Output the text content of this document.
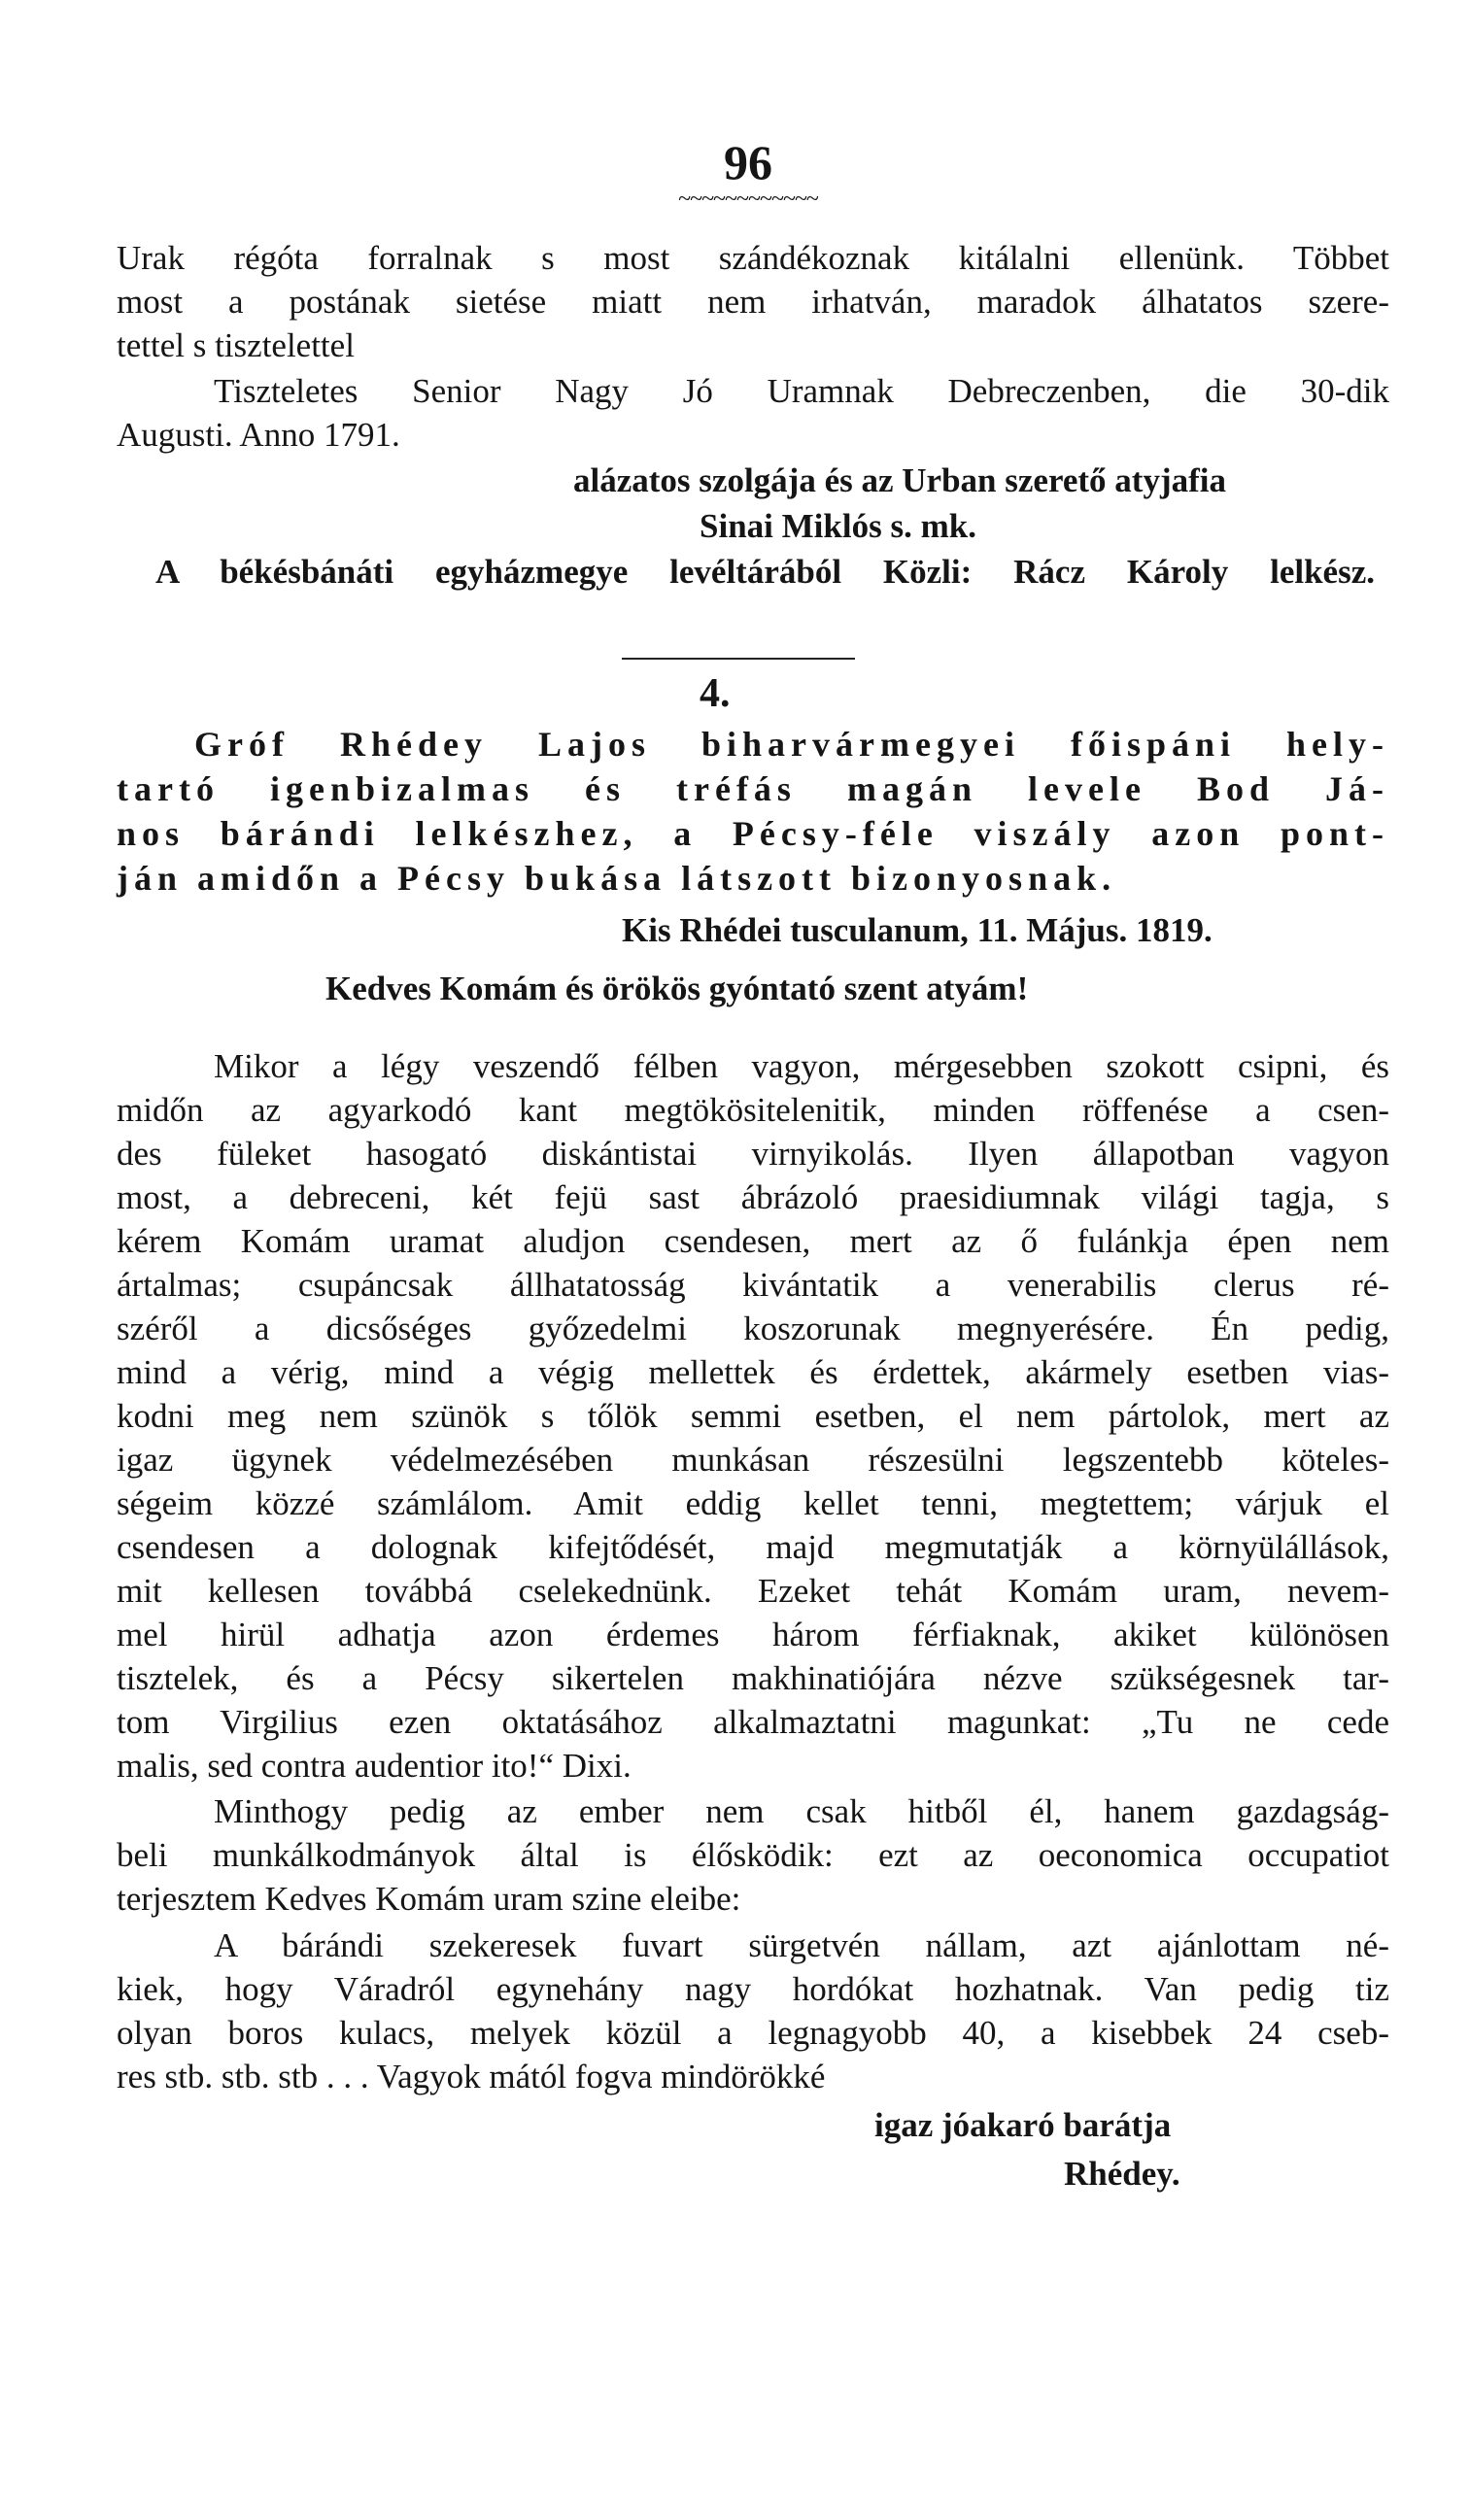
96
~~~~~~~~~~~~
Urak régóta forralnak s most szándékoznak kitálalni ellenünk. Többet
most a postának sietése miatt nem irhatván, maradok álhatatos szere-
tettel s tisztelettel
Tiszteletes Senior Nagy Jó Uramnak Debreczenben, die 30-dik
Augusti. Anno 1791.
alázatos szolgája és az Urban szerető atyjafia
Sinai Miklós s. mk.
A békésbánáti egyházmegye levéltárából Közli: Rácz Károly lelkész.
4.
Gróf Rhédey Lajos biharvármegyei főispáni hely-
tartó igenbizalmas és tréfás magán levele Bod Já-
nos bárándi lelkészhez, a Pécsy-féle viszály azon pont-
ján amidőn a Pécsy bukása látszott bizonyosnak.
Kis Rhédei tusculanum, 11. Május. 1819.
Kedves Komám és örökös gyóntató szent atyám!
Mikor a légy veszendő félben vagyon, mérgesebben szokott csipni, és
midőn az agyarkodó kant megtökösitelenitik, minden röffenése a csen-
des füleket hasogató diskántistai virnyikolás. Ilyen állapotban vagyon
most, a debreceni, két fejü sast ábrázoló praesidiumnak világi tagja, s
kérem Komám uramat aludjon csendesen, mert az ő fulánkja épen nem
ártalmas; csupáncsak állhatatosság kivántatik a venerabilis clerus ré-
széről a dicsőséges győzedelmi koszorunak megnyerésére. Én pedig,
mind a vérig, mind a végig mellettek és érdettek, akármely esetben vias-
kodni meg nem szünök s tőlök semmi esetben, el nem pártolok, mert az
igaz ügynek védelmezésében munkásan részesülni legszentebb köteles-
ségeim közzé számlálom. Amit eddig kellet tenni, megtettem; várjuk el
csendesen a dolognak kifejtődését, majd megmutatják a környülállások,
mit kellesen továbbá cselekednünk. Ezeket tehát Komám uram, nevem-
mel hirül adhatja azon érdemes három férfiaknak, akiket különösen
tisztelek, és a Pécsy sikertelen makhinatiójára nézve szükségesnek tar-
tom Virgilius ezen oktatásához alkalmaztatni magunkat: „Tu ne cede
malis, sed contra audentior ito!“ Dixi.
Minthogy pedig az ember nem csak hitből él, hanem gazdagság-
beli munkálkodmányok által is élősködik: ezt az oeconomica occupatiot
terjesztem Kedves Komám uram szine eleibe:
A bárándi szekeresek fuvart sürgetvén nállam, azt ajánlottam né-
kiek, hogy Váradról egynehány nagy hordókat hozhatnak. Van pedig tiz
olyan boros kulacs, melyek közül a legnagyobb 40, a kisebbek 24 cseb-
res stb. stb. stb . . . Vagyok mától fogva mindörökké
igaz jóakaró barátja
Rhédey.
